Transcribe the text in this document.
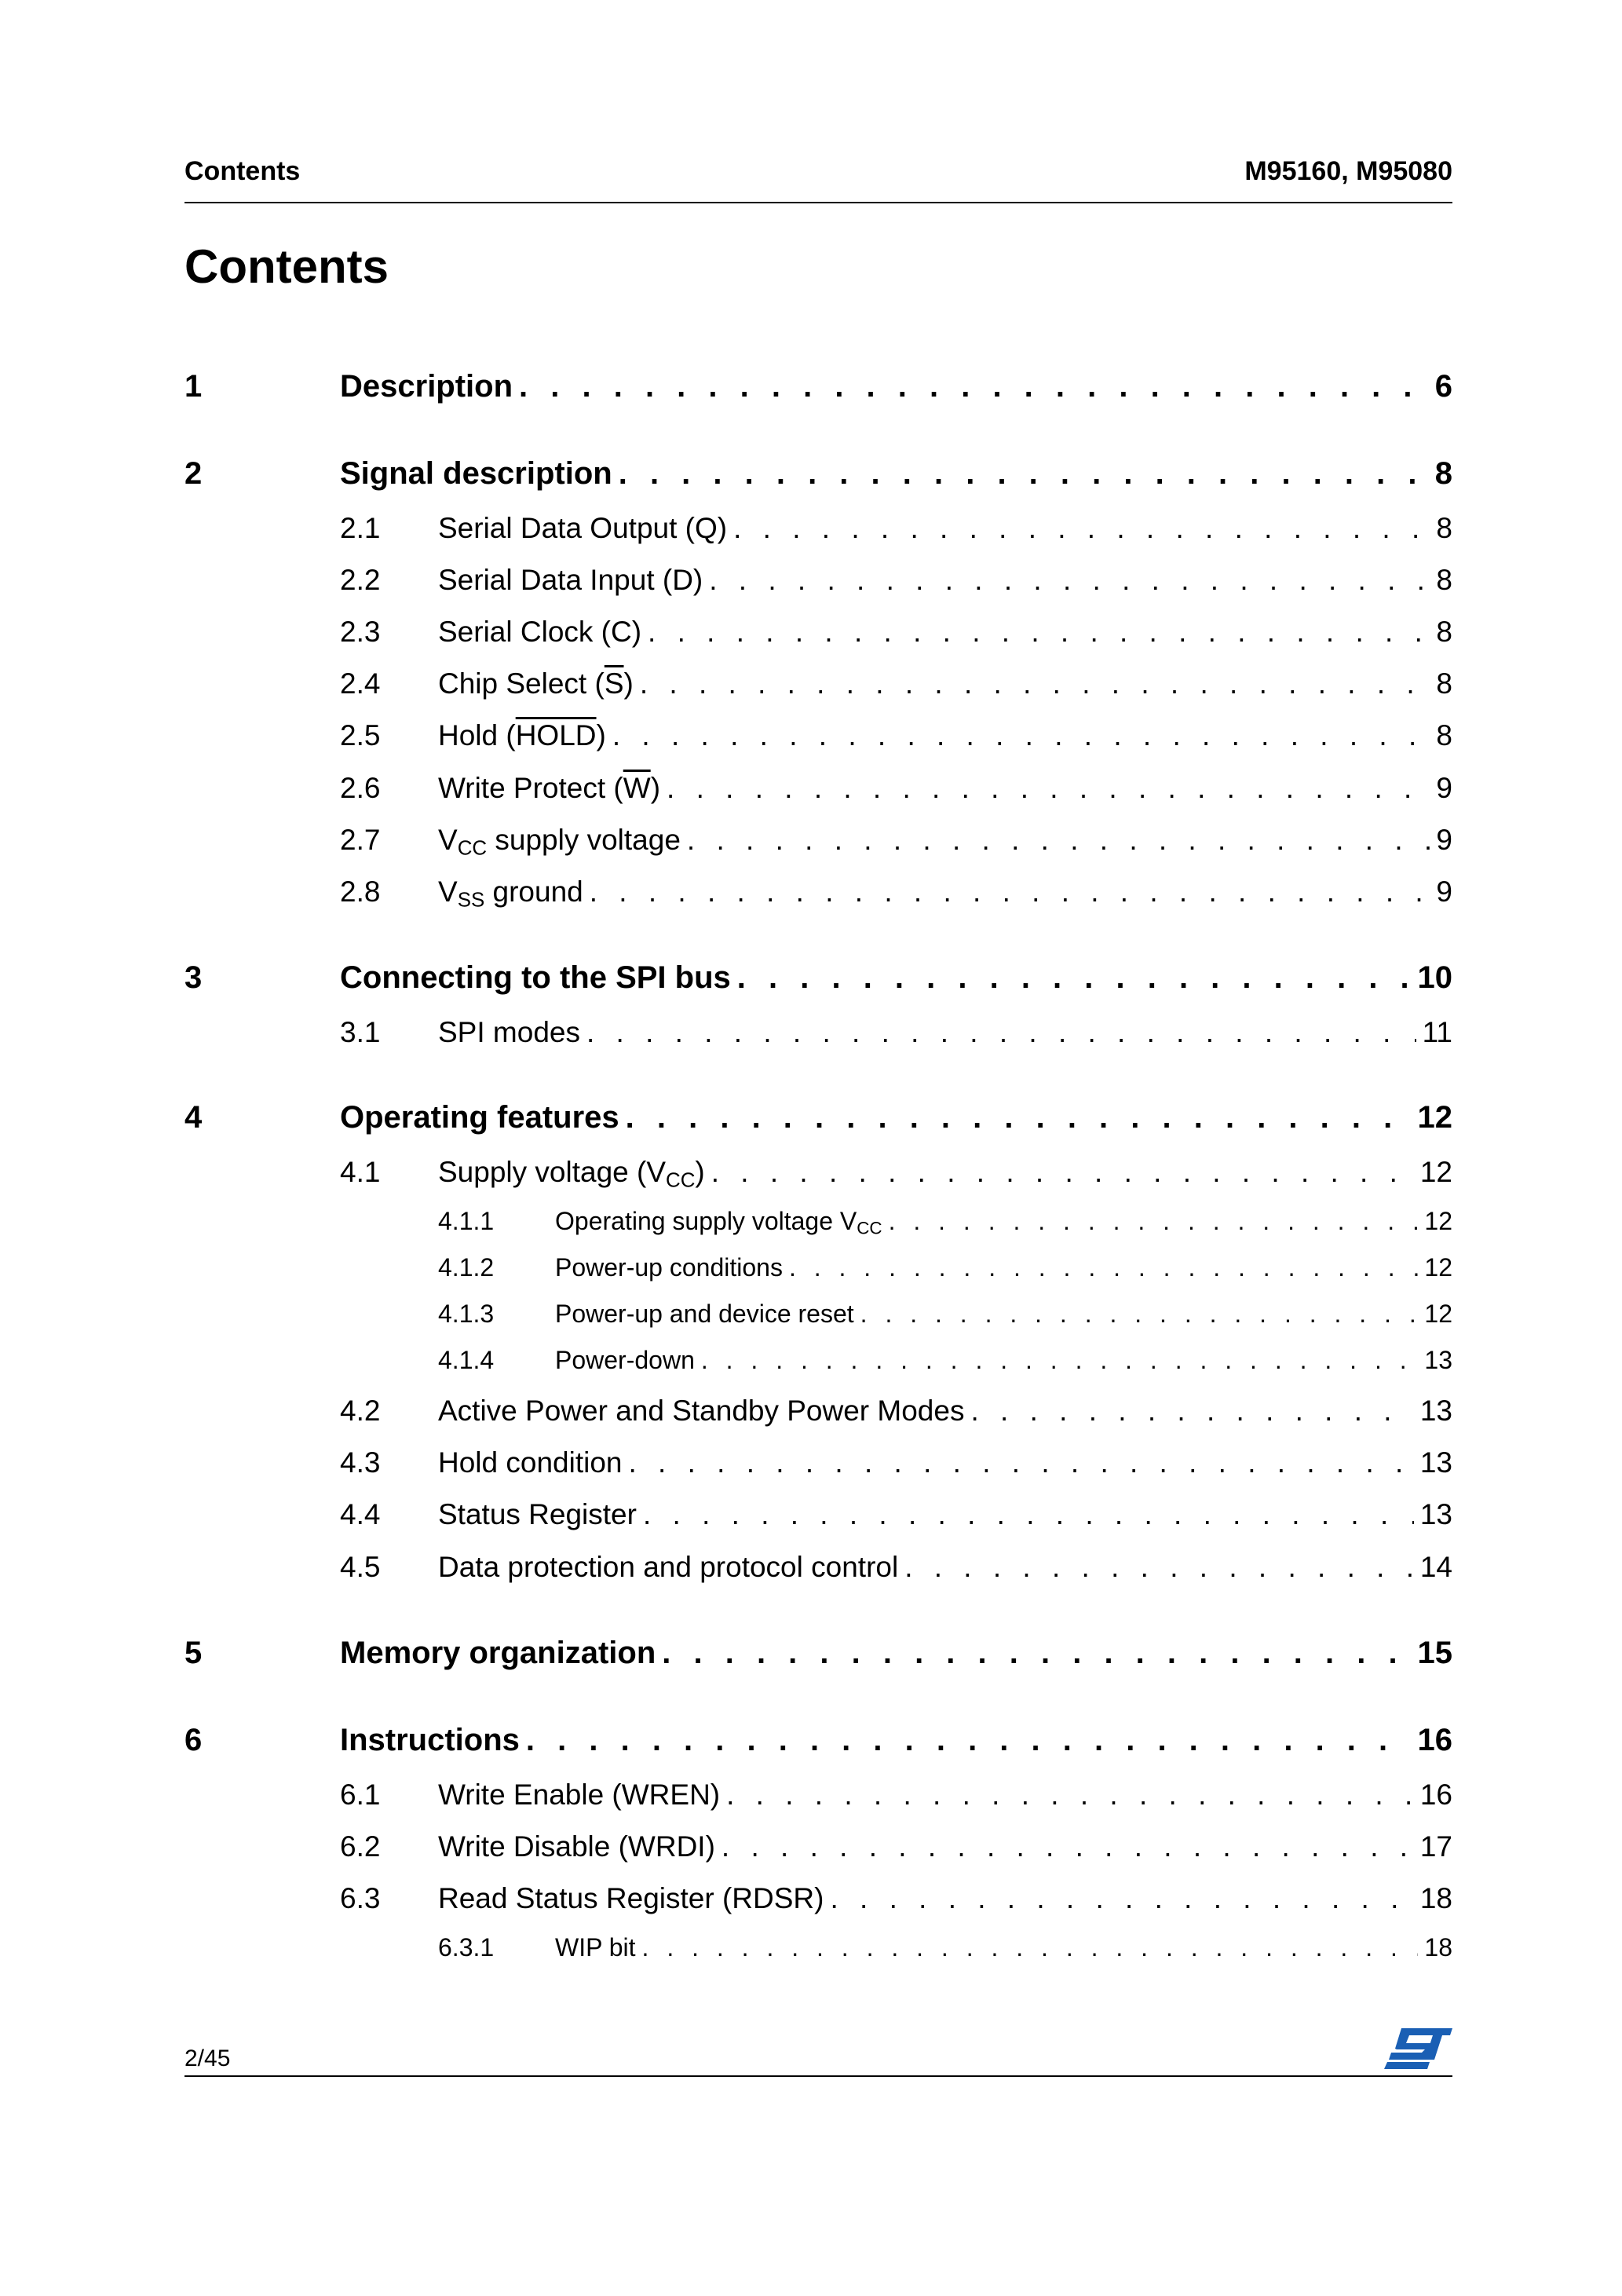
Contents	M95160, M95080
Contents
1	Description . . .	6
2	Signal description . . .	8
2.1 Serial Data Output (Q) . . .	8
2.2 Serial Data Input (D) . . .	8
2.3 Serial Clock (C) . . .	8
2.4 Chip Select $(\overline{S})$ . . .	8
2.5 Hold (HOLD) . . .	8
2.6 Write Protect $(\overline{W})$ . . .	9
2.7 $V_{CC}$ supply voltage . . .	9
2.8 $V_{SS}$ ground . . .	9
3	Connecting to the SPI bus . . .	10
3.1 SPI modes . . .	11
4	Operating features . . .	12
4.1 Supply voltage $(V_{CC})$ . . .	12
4.1.1 Operating supply voltage $V_{CC}$ . . .	12
4.1.2 Power-up conditions . . .	12
4.1.3 Power-up and device reset . . .	12
4.1.4 Power-down . . .	13
4.2 Active Power and Standby Power Modes . . .	13
4.3 Hold condition . . .	13
4.4 Status Register . . .	13
4.5 Data protection and protocol control . . .	14
5	Memory organization . . .	15
6	Instructions . . .	16
6.1 Write Enable (WREN) . . .	16
6.2 Write Disable (WRDI) . . .	17
6.3 Read Status Register (RDSR) . . .	18
6.3.1 WIP bit . . .	18
2/45
